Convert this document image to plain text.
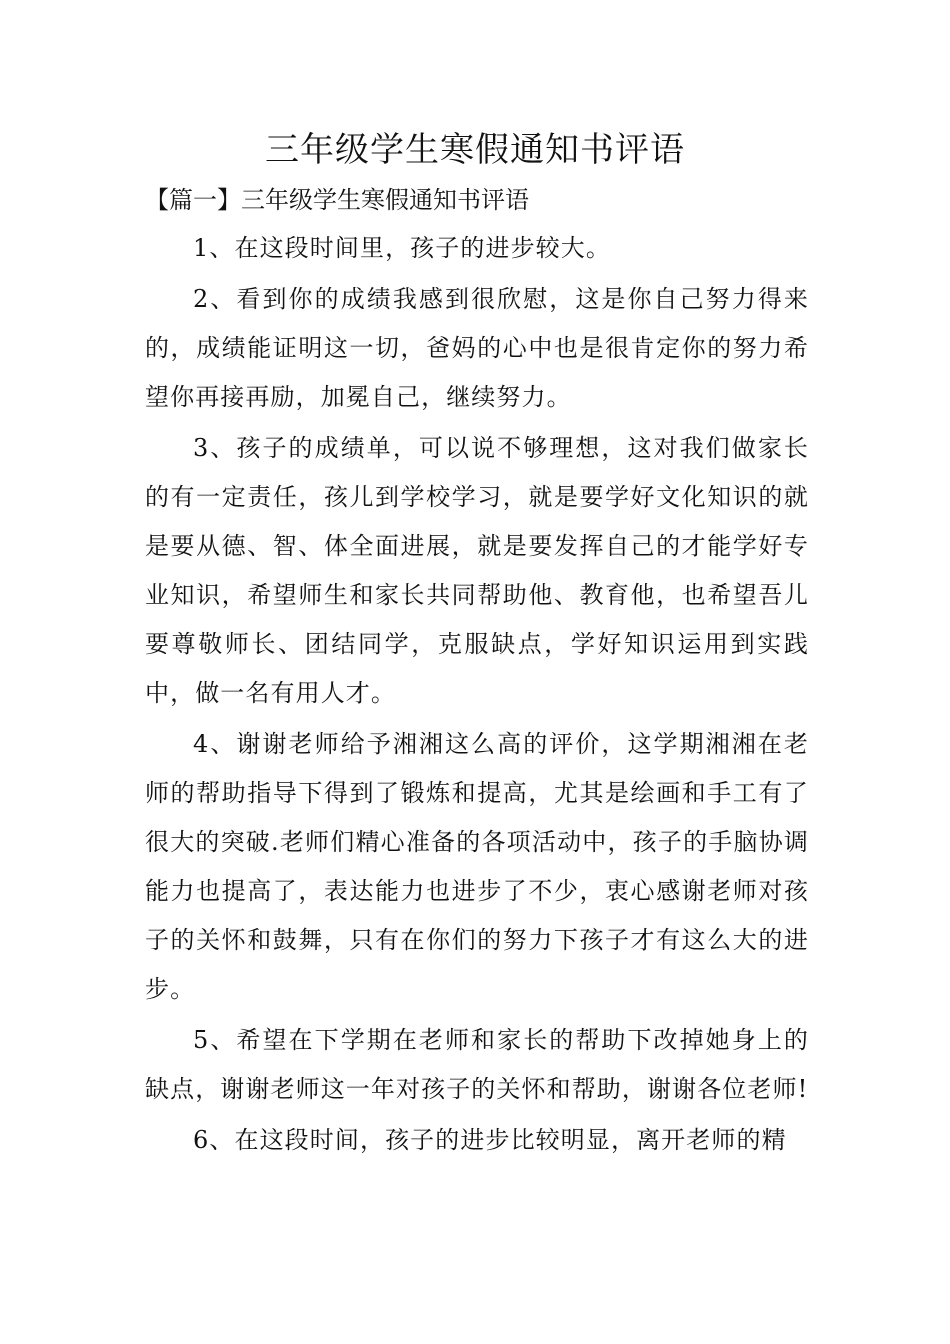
三年级学生寒假通知书评语
【篇一】三年级学生寒假通知书评语

1、在这段时间里，孩子的进步较大。

2、看到你的成绩我感到很欣慰，这是你自己努力得来的，成绩能证明这一切，爸妈的心中也是很肯定你的努力希望你再接再励，加冕自己，继续努力。

3、孩子的成绩单，可以说不够理想，这对我们做家长的有一定责任，孩儿到学校学习，就是要学好文化知识的就是要从德、智、体全面进展，就是要发挥自己的才能学好专业知识，希望师生和家长共同帮助他、教育他，也希望吾儿要尊敬师长、团结同学，克服缺点，学好知识运用到实践中，做一名有用人才。

4、谢谢老师给予湘湘这么高的评价，这学期湘湘在老师的帮助指导下得到了锻炼和提高，尤其是绘画和手工有了很大的突破.老师们精心准备的各项活动中，孩子的手脑协调能力也提高了，表达能力也进步了不少，衷心感谢老师对孩子的关怀和鼓舞，只有在你们的努力下孩子才有这么大的进步。

5、希望在下学期在老师和家长的帮助下改掉她身上的缺点，谢谢老师这一年对孩子的关怀和帮助，谢谢各位老师!

6、在这段时间，孩子的进步比较明显，离开老师的精
